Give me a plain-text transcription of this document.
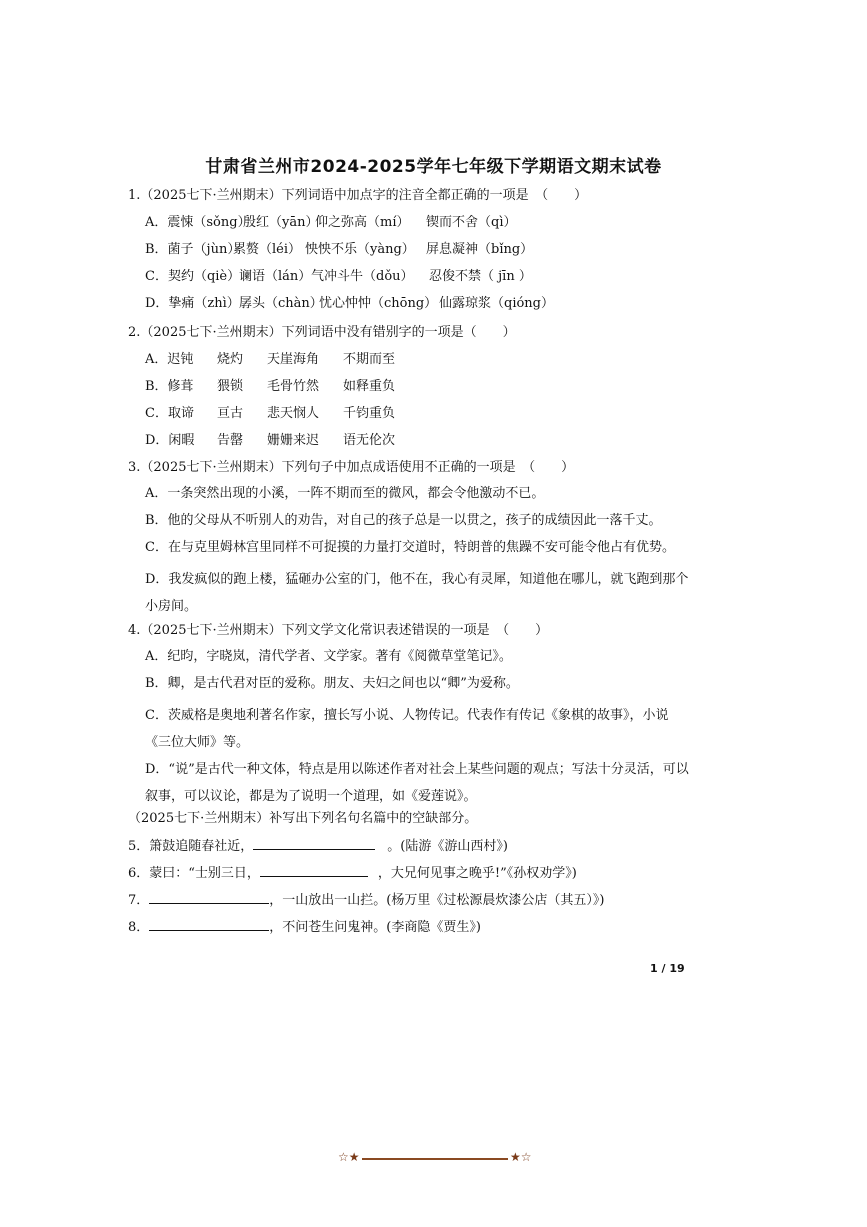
甘肃省兰州市2024-2025学年七年级下学期语文期末试卷
1.（2025七下·兰州期末）下列词语中加点字的注音全都正确的一项是　（　　）
A．震悚（sǒng）殷红（yān）仰之弥高（mí） 锲而不舍（qì）
B．菌子（jùn）累赘（léi） 怏怏不乐（yàng） 屏息凝神（bǐng）
C．契约（qiè）谰语（lán）气冲斗牛（dǒu） 忍俊不禁（ jīn ）
D．挚痛（zhì）孱头（chàn）忧心忡忡（chōng） 仙露琼浆（qióng）
2.（2025七下·兰州期末）下列词语中没有错别字的一项是（　　）
A．迟钝 烧灼 天崖海角 不期而至
B．修葺 猥锁 毛骨竹然 如释重负
C．取谛 亘古 悲天悯人 千钧重负
D．闲暇 告罄 姗姗来迟 语无伦次
3.（2025七下·兰州期末）下列句子中加点成语使用不正确的一项是　（　　）
A．一条突然出现的小溪，一阵不期而至的微风，都会令他激动不已。
B．他的父母从不听别人的劝告，对自己的孩子总是一以贯之，孩子的成绩因此一落千丈。
C．在与克里姆林宫里同样不可捉摸的力量打交道时，特朗普的焦躁不安可能令他占有优势。
D．我发疯似的跑上楼，猛砸办公室的门，他不在，我心有灵犀，知道他在哪儿，就飞跑到那个小房间。
4.（2025七下·兰州期末）下列文学文化常识表述错误的一项是　（　　）
A．纪昀，字晓岚，清代学者、文学家。著有《阅微草堂笔记》。
B．卿，是古代君对臣的爱称。朋友、夫妇之间也以“卿”为爱称。
C．茨威格是奥地利著名作家，擅长写小说、人物传记。代表作有传记《象棋的故事》，小说《三位大师》等。
D．“说”是古代一种文体，特点是用以陈述作者对社会上某些问题的观点；写法十分灵活，可以叙事，可以议论，都是为了说明一个道理，如《爱莲说》。
（2025七下·兰州期末）补写出下列名句名篇中的空缺部分。
5．箫鼓追随春社近，	。(陆游《游山西村》)
6．蒙曰：“士别三日，	，大兄何见事之晚乎!”《孙权劝学》)
7．	，一山放出一山拦。(杨万里《过松源晨炊漆公店（其五）》)
8．	，不问苍生问鬼神。(李商隐《贾生》)
1 / 19
☆★	★☆
